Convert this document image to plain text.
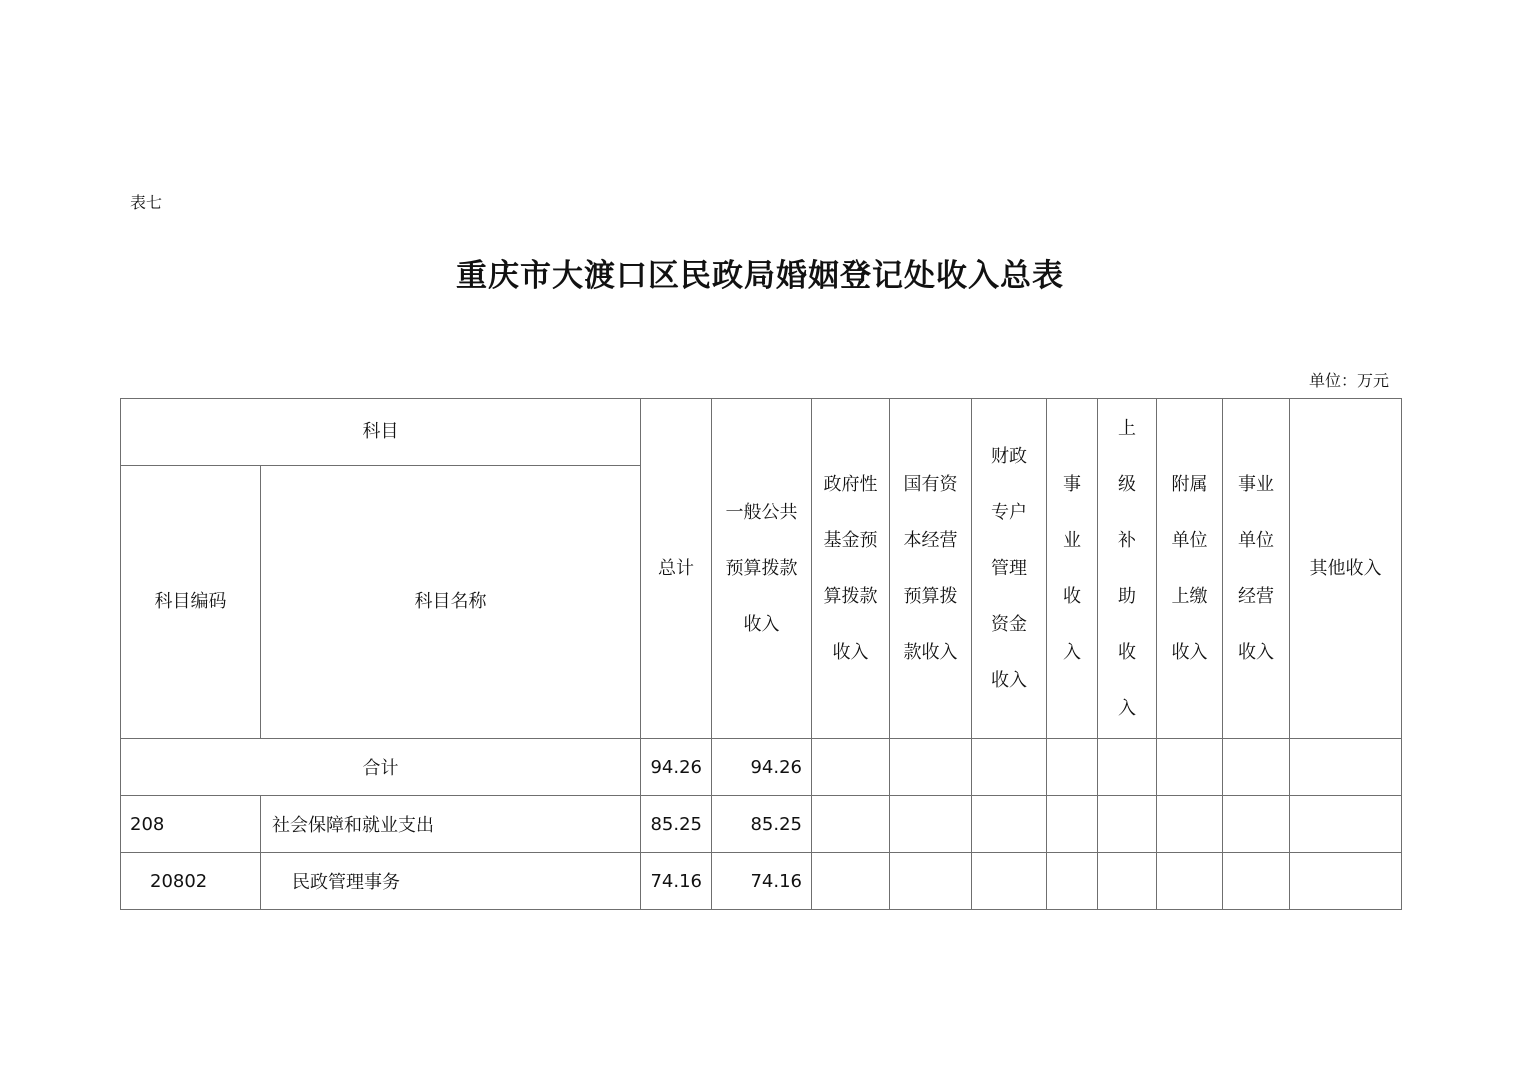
表七
重庆市大渡口区民政局婚姻登记处收入总表
单位：万元
科目		总计	一般公共预算拨款收入	政府性基金预算拨款收入	国有资本经营预算拨款收入	财政专户管理资金收入	事业收入	上级补助收入	附属单位上缴收入	事业单位经营收入	其他收入
科目编码	科目名称										
合计		94.26	94.26								
208	社会保障和就业支出	85.25	85.25								
20802	民政管理事务	74.16	74.16								
